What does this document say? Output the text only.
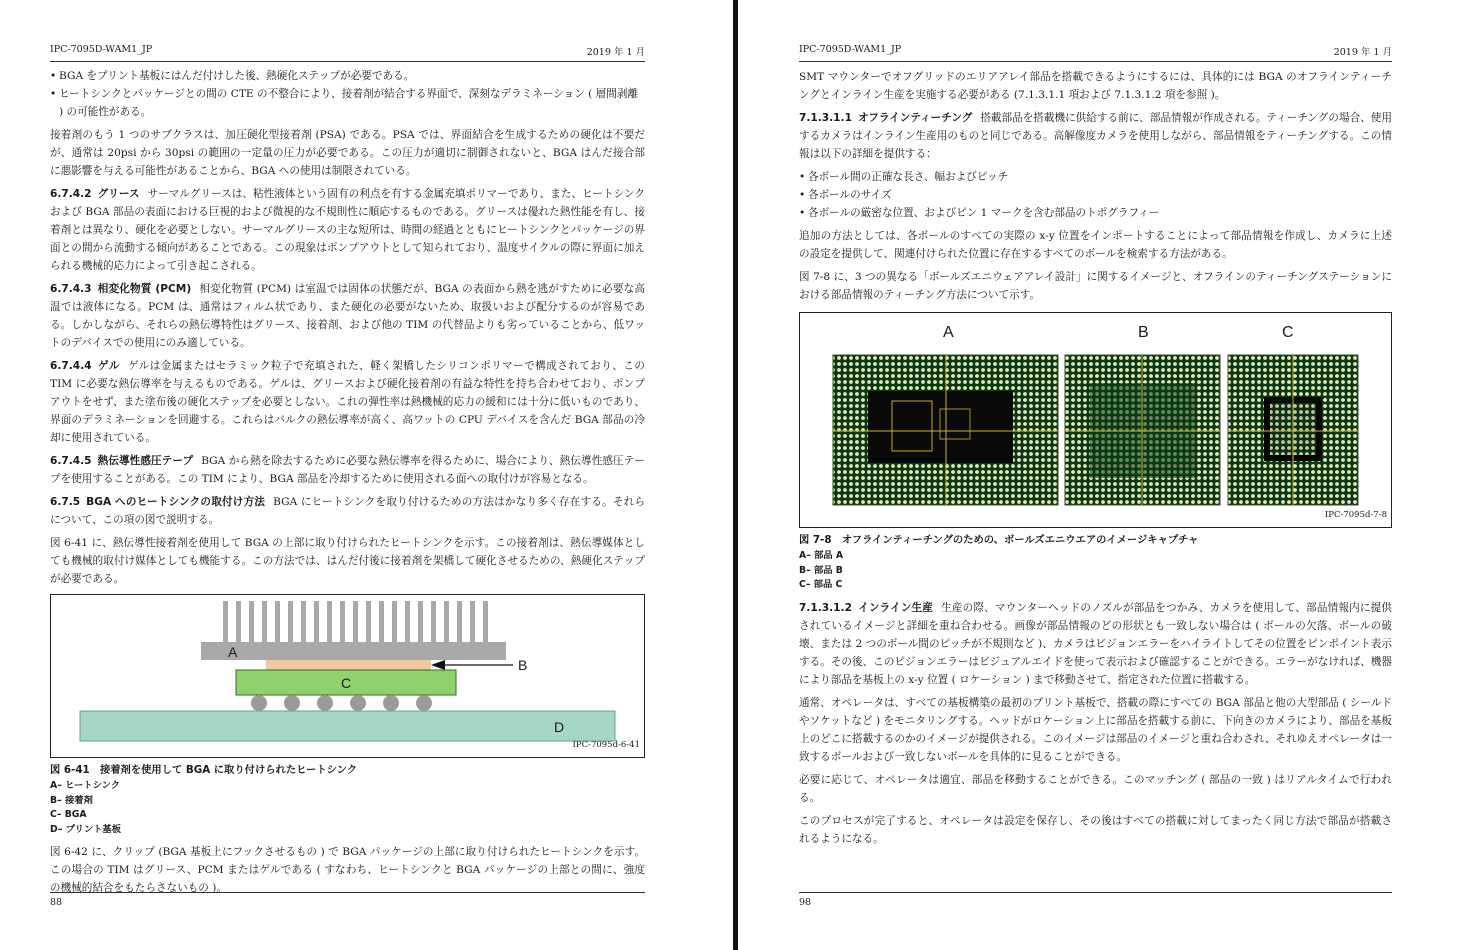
IPC-7095D-WAM1_JP	2019 年 1 月
• BGA をプリント基板にはんだ付けした後、熱硬化ステップが必要である。
• ヒートシンクとパッケージとの間の CTE の不整合により、接着剤が結合する界面で、深刻なデラミネーション ( 層間剥離 ) の可能性がある。

接着剤のもう 1 つのサブクラスは、加圧硬化型接着剤 (PSA) である。PSA では、界面結合を生成するための硬化は不要だが、通常は 20psi から 30psi の範囲の一定量の圧力が必要である。この圧力が適切に制御されないと、BGA はんだ接合部に悪影響を与える可能性があることから、BGA への使用は制限されている。

6.7.4.2 グリース サーマルグリースは、粘性液体という固有の利点を有する金属充填ポリマーであり、また、ヒートシンクおよび BGA 部品の表面における巨視的および微視的な不規則性に順応するものである。グリースは優れた熱性能を有し、接着剤とは異なり、硬化を必要としない。サーマルグリースの主な短所は、時間の経過とともにヒートシンクとパッケージの界面との間から流動する傾向があることである。この現象はポンプアウトとして知られており、温度サイクルの際に界面に加えられる機械的応力によって引き起こされる。

6.7.4.3 相変化物質 (PCM) 相変化物質 (PCM) は室温では固体の状態だが、BGA の表面から熱を逃がすために必要な高温では液体になる。PCM は、通常はフィルム状であり、また硬化の必要がないため、取扱いおよび配分するのが容易である。しかしながら、それらの熱伝導特性はグリース、接着剤、および他の TIM の代替品よりも劣っていることから、低ワットのデバイスでの使用にのみ適している。

6.7.4.4 ゲル ゲルは金属またはセラミック粒子で充填された、軽く架橋したシリコンポリマーで構成されており、この TIM に必要な熱伝導率を与えるものである。ゲルは、グリースおよび硬化接着剤の有益な特性を持ち合わせており、ポンプアウトをせず、また塗布後の硬化ステップを必要としない。これの弾性率は熱機械的応力の緩和には十分に低いものであり、界面のデラミネーションを回避する。これらはバルクの熱伝導率が高く、高ワットの CPU デバイスを含んだ BGA 部品の冷却に使用されている。

6.7.4.5 熱伝導性感圧テープ BGA から熱を除去するために必要な熱伝導率を得るために、場合により、熱伝導性感圧テープを使用することがある。この TIM により、BGA 部品を冷却するために使用される面への取付けが容易となる。

6.7.5 BGA へのヒートシンクの取付け方法 BGA にヒートシンクを取り付けるための方法はかなり多く存在する。それらについて、この項の図で説明する。

図 6-41 に、熱伝導性接着剤を使用して BGA の上部に取り付けられたヒートシンクを示す。この接着剤は、熱伝導媒体としても機械的取付け媒体としても機能する。この方法では、はんだ付後に接着剤を架橋して硬化させるための、熱硬化ステップが必要である。

A
B
C
D
IPC-7095d-6-41
図 6-41　接着剤を使用して BGA に取り付けられたヒートシンク
A– ヒートシンク
B– 接着剤
C– BGA
D– プリント基板

図 6-42 に、クリップ (BGA 基板上にフックさせるもの ) で BGA パッケージの上部に取り付けられたヒートシンクを示す。この場合の TIM はグリース、PCM またはゲルである ( すなわち、ヒートシンクと BGA パッケージの上部との間に、強度の機械的結合をもたらさないもの )。

88
IPC-7095D-WAM1_JP	2019 年 1 月

SMT マウンターでオフグリッドのエリアアレイ部品を搭載できるようにするには、具体的には BGA のオフラインティーチングとインライン生産を実施する必要がある (7.1.3.1.1 項および 7.1.3.1.2 項を参照 )。

7.1.3.1.1 オフラインティーチング 搭載部品を搭載機に供給する前に、部品情報が作成される。ティーチングの場合、使用するカメラはインライン生産用のものと同じである。高解像度カメラを使用しながら、部品情報をティーチングする。この情報は以下の詳細を提供する：

• 各ボール間の正確な長さ、幅およびピッチ
• 各ボールのサイズ
• 各ボールの厳密な位置、およびピン 1 マークを含む部品のトポグラフィー

追加の方法としては、各ボールのすべての実際の x-y 位置をインポートすることによって部品情報を作成し、カメラに上述の設定を提供して、関連付けられた位置に存在するすべてのボールを検索する方法がある。

図 7-8 に、3 つの異なる「ボールズエニウェアアレイ設計」に関するイメージと、オフラインのティーチングステーションにおける部品情報のティーチング方法について示す。

A	B	C
IPC-7095d-7-8
図 7-8　オフラインティーチングのための、ボールズエニウエアのイメージキャプチャ
A– 部品 A
B– 部品 B
C– 部品 C

7.1.3.1.2 インライン生産 生産の際、マウンターヘッドのノズルが部品をつかみ、カメラを使用して、部品情報内に提供されているイメージと詳細を重ね合わせる。画像が部品情報のどの形状とも一致しない場合は ( ボールの欠落、ボールの破壊、または 2 つのボール間のピッチが不規則など )、カメラはビジョンエラーをハイライトしてその位置をピンポイント表示する。その後、このビジョンエラーはビジュアルエイドを使って表示および確認することができる。エラーがなければ、機器により部品を基板上の x-y 位置 ( ロケーション ) まで移動させて、指定された位置に搭載する。

通常、オペレータは、すべての基板構築の最初のプリント基板で、搭載の際にすべての BGA 部品と他の大型部品 ( シールドやソケットなど ) をモニタリングする。ヘッドがロケーション上に部品を搭載する前に、下向きのカメラにより、部品を基板上のどこに搭載するのかのイメージが提供される。このイメージは部品のイメージと重ね合わされ、それゆえオペレータは一致するボールおよび一致しないボールを具体的に見ることができる。

必要に応じて、オペレータは適宜、部品を移動することができる。このマッチング ( 部品の一致 ) はリアルタイムで行われる。

このプロセスが完了すると、オペレータは設定を保存し、その後はすべての搭載に対してまったく同じ方法で部品が搭載されるようになる。

98
